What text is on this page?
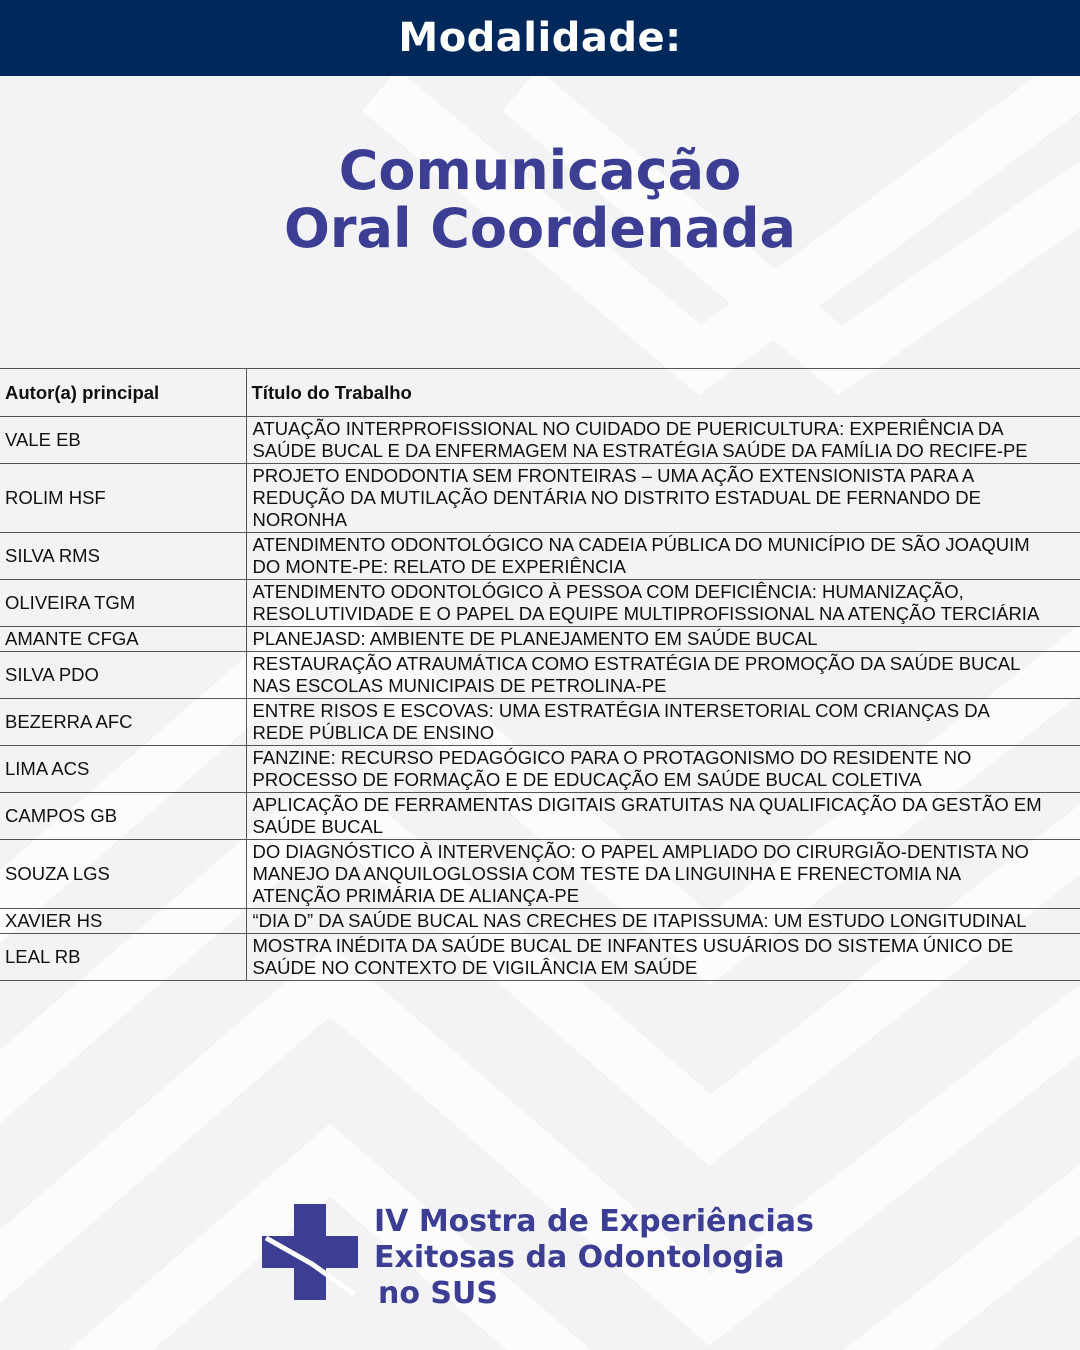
Modalidade:
Comunicação
Oral Coordenada
Autor(a) principal	Título do Trabalho
VALE EB	ATUAÇÃO INTERPROFISSIONAL NO CUIDADO DE PUERICULTURA: EXPERIÊNCIA DA
SAÚDE BUCAL E DA ENFERMAGEM NA ESTRATÉGIA SAÚDE DA FAMÍLIA DO RECIFE-PE

ROLIM HSF	PROJETO ENDODONTIA SEM FRONTEIRAS – UMA AÇÃO EXTENSIONISTA PARA A
REDUÇÃO DA MUTILAÇÃO DENTÁRIA NO DISTRITO ESTADUAL DE FERNANDO DE
NORONHA

SILVA RMS	ATENDIMENTO ODONTOLÓGICO NA CADEIA PÚBLICA DO MUNICÍPIO DE SÃO JOAQUIM
DO MONTE-PE: RELATO DE EXPERIÊNCIA

OLIVEIRA TGM	ATENDIMENTO ODONTOLÓGICO À PESSOA COM DEFICIÊNCIA: HUMANIZAÇÃO,
RESOLUTIVIDADE E O PAPEL DA EQUIPE MULTIPROFISSIONAL NA ATENÇÃO TERCIÁRIA

AMANTE CFGA	PLANEJASD: AMBIENTE DE PLANEJAMENTO EM SAÚDE BUCAL

SILVA PDO	RESTAURAÇÃO ATRAUMÁTICA COMO ESTRATÉGIA DE PROMOÇÃO DA SAÚDE BUCAL
NAS ESCOLAS MUNICIPAIS DE PETROLINA-PE

BEZERRA AFC	ENTRE RISOS E ESCOVAS: UMA ESTRATÉGIA INTERSETORIAL COM CRIANÇAS DA
REDE PÚBLICA DE ENSINO

LIMA ACS	FANZINE: RECURSO PEDAGÓGICO PARA O PROTAGONISMO DO RESIDENTE NO
PROCESSO DE FORMAÇÃO E DE EDUCAÇÃO EM SAÚDE BUCAL COLETIVA

CAMPOS GB	APLICAÇÃO DE FERRAMENTAS DIGITAIS GRATUITAS NA QUALIFICAÇÃO DA GESTÃO EM
SAÚDE BUCAL

SOUZA LGS	DO DIAGNÓSTICO À INTERVENÇÃO: O PAPEL AMPLIADO DO CIRURGIÃO-DENTISTA NO
MANEJO DA ANQUILOGLOSSIA COM TESTE DA LINGUINHA E FRENECTOMIA NA
ATENÇÃO PRIMÁRIA DE ALIANÇA-PE

XAVIER HS	“DIA D” DA SAÚDE BUCAL NAS CRECHES DE ITAPISSUMA: UM ESTUDO LONGITUDINAL

LEAL RB	MOSTRA INÉDITA DA SAÚDE BUCAL DE INFANTES USUÁRIOS DO SISTEMA ÚNICO DE
SAÚDE NO CONTEXTO DE VIGILÂNCIA EM SAÚDE
IV Mostra de Experiências
Exitosas da Odontologia
no SUS
